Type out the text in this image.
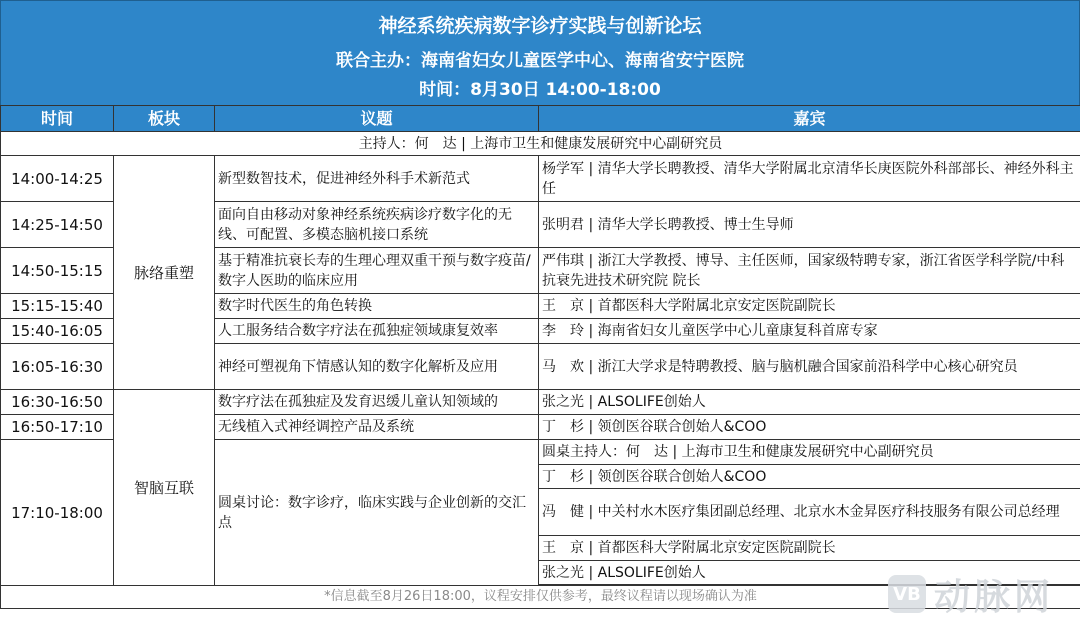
神经系统疾病数字诊疗实践与创新论坛
联合主办：海南省妇女儿童医学中心、海南省安宁医院
时间：8月30日 14:00-18:00
时间	板块	议题	嘉宾
主持人：何　达 | 上海市卫生和健康发展研究中心副研究员			
14:00-14:25	脉络重塑	新型数智技术，促进神经外科手术新范式	杨学军 | 清华大学长聘教授、清华大学附属北京清华长庚医院外科部部长、神经外科主任
14:25-14:50		面向自由移动对象神经系统疾病诊疗数字化的无线、可配置、多模态脑机接口系统	张明君 | 清华大学长聘教授、博士生导师
14:50-15:15		基于精准抗衰长寿的生理心理双重干预与数字疫苗/数字人医助的临床应用	严伟琪 | 浙江大学教授、博导、主任医师，国家级特聘专家，浙江省医学科学院/中科抗衰先进技术研究院 院长
15:15-15:40		数字时代医生的角色转换	王　京 | 首都医科大学附属北京安定医院副院长
15:40-16:05		人工服务结合数字疗法在孤独症领域康复效率	李　玲 | 海南省妇女儿童医学中心儿童康复科首席专家
16:05-16:30		神经可塑视角下情感认知的数字化解析及应用	马　欢 | 浙江大学求是特聘教授、脑与脑机融合国家前沿科学中心核心研究员
16:30-16:50	智脑互联	数字疗法在孤独症及发育迟缓儿童认知领域的	张之光 | ALSOLIFE创始人
16:50-17:10		无线植入式神经调控产品及系统	丁　杉 | 领创医谷联合创始人&COO
17:10-18:00		圆桌讨论：数字诊疗，临床实践与企业创新的交汇点	圆桌主持人：何　达 | 上海市卫生和健康发展研究中心副研究员
			丁　杉 | 领创医谷联合创始人&COO
			冯　健 | 中关村水木医疗集团副总经理、北京水木金昇医疗科技服务有限公司总经理
			王　京 | 首都医科大学附属北京安定医院副院长
			张之光 | ALSOLIFE创始人

*信息截至8月26日18:00，议程安排仅供参考，最终议程请以现场确认为准				VB 动脉网
